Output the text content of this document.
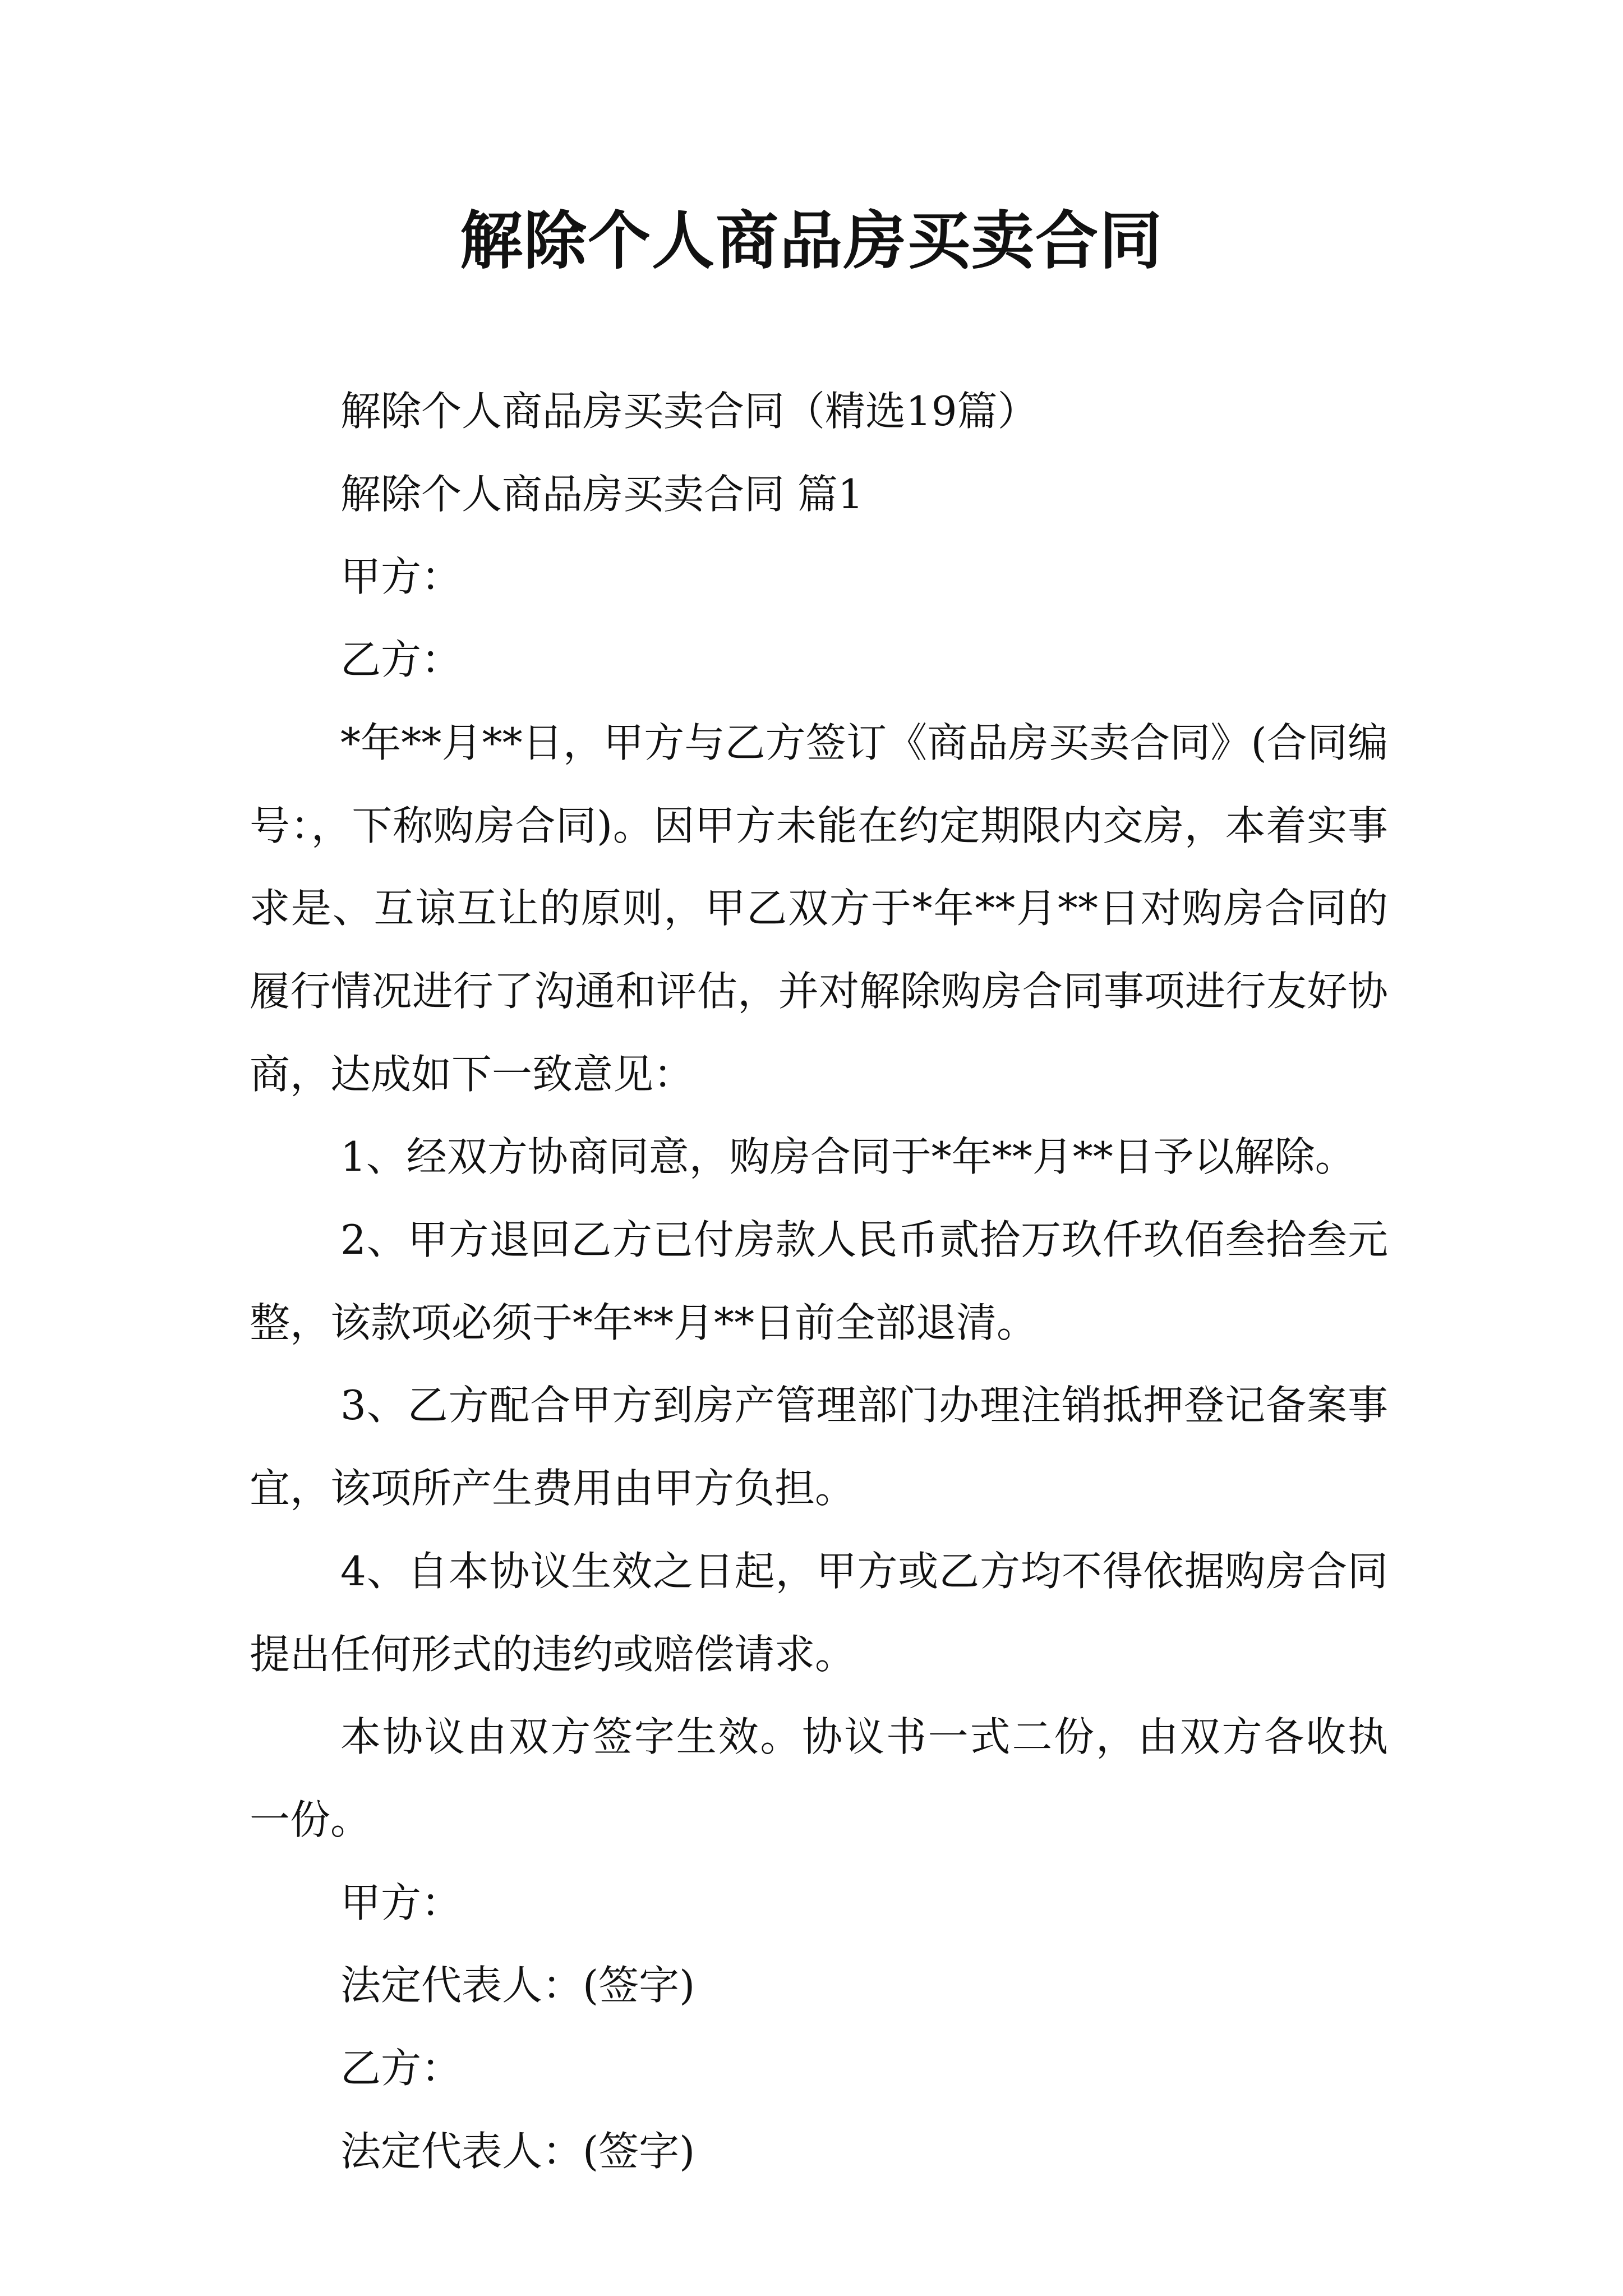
解除个人商品房买卖合同

解除个人商品房买卖合同（精选19篇）

解除个人商品房买卖合同 篇1

甲方：

乙方：

*年**月**日，甲方与乙方签订《商品房买卖合同》(合同编号：，下称购房合同)。因甲方未能在约定期限内交房，本着实事求是、互谅互让的原则，甲乙双方于*年**月**日对购房合同的履行情况进行了沟通和评估，并对解除购房合同事项进行友好协商，达成如下一致意见：

1、经双方协商同意，购房合同于*年**月**日予以解除。

2、甲方退回乙方已付房款人民币贰拾万玖仟玖佰叁拾叁元整，该款项必须于*年**月**日前全部退清。

3、乙方配合甲方到房产管理部门办理注销抵押登记备案事宜，该项所产生费用由甲方负担。

4、自本协议生效之日起，甲方或乙方均不得依据购房合同提出任何形式的违约或赔偿请求。

本协议由双方签字生效。协议书一式二份，由双方各收执一份。

甲方：

法定代表人：(签字)

乙方：

法定代表人：(签字)
